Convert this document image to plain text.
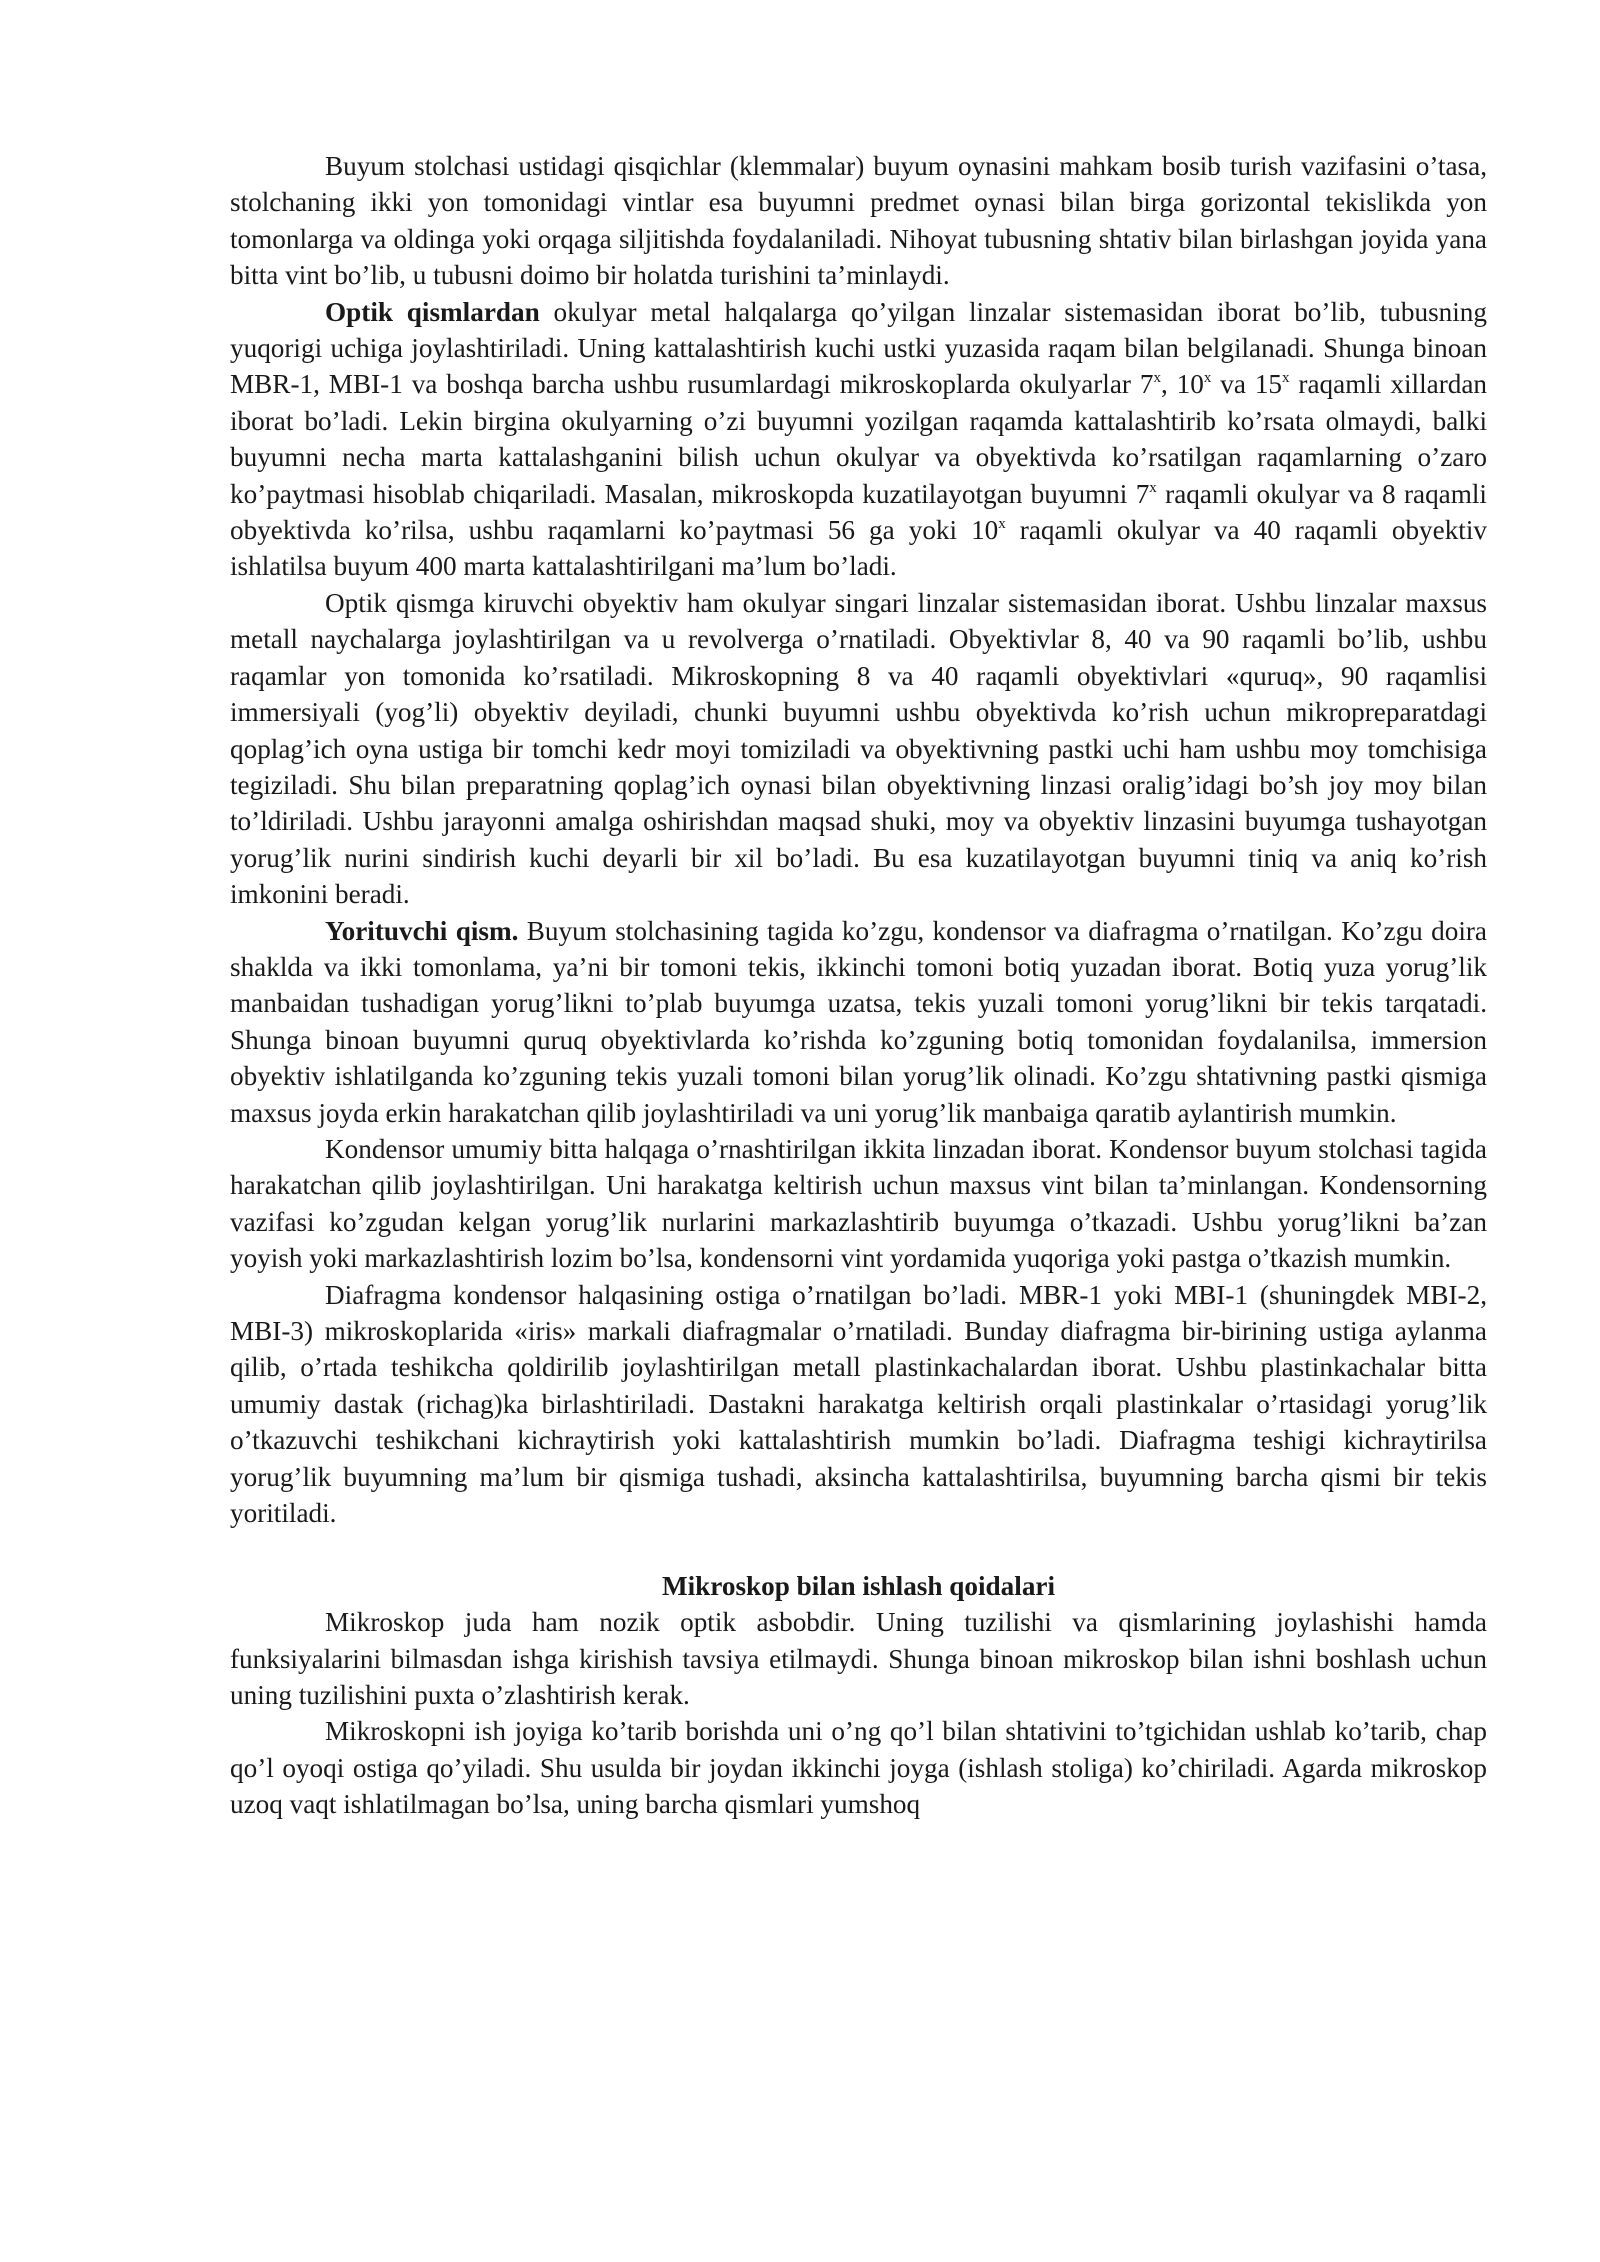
Buyum stolchasi ustidagi qisqichlar (klemmalar) buyum oynasini mahkam bosib turish vazifasini o’tasa, stolchaning ikki yon tomonidagi vintlar esa buyumni predmet oynasi bilan birga gorizontal tekislikda yon tomonlarga va oldinga yoki orqaga siljitishda foydalaniladi. Nihoyat tubusning shtativ bilan birlashgan joyida yana bitta vint bo’lib, u tubusni doimo bir holatda turishini ta’minlaydi.

Optik qismlardan okulyar metal halqalarga qo’yilgan linzalar sistemasidan iborat bo’lib, tubusning yuqorigi uchiga joylashtiriladi. Uning kattalashtirish kuchi ustki yuzasida raqam bilan belgilanadi. Shunga binoan MBR-1, MBI-1 va boshqa barcha ushbu rusumlardagi mikroskoplarda okulyarlar 7$^x$, 10$^x$ va 15$^x$ raqamli xillardan iborat bo’ladi. Lekin birgina okulyarning o’zi buyumni yozilgan raqamda kattalashtirib ko’rsata olmaydi, balki buyumni necha marta kattalashganini bilish uchun okulyar va obyektivda ko’rsatilgan raqamlarning o’zaro ko’paytmasi hisoblab chiqariladi. Masalan, mikroskopda kuzatilayotgan buyumni 7$^x$ raqamli okulyar va 8 raqamli obyektivda ko’rilsa, ushbu raqamlarni ko’paytmasi 56 ga yoki 10$^x$ raqamli okulyar va 40 raqamli obyektiv ishlatilsa buyum 400 marta kattalashtirilgani ma’lum bo’ladi.

Optik qismga kiruvchi obyektiv ham okulyar singari linzalar sistemasidan iborat. Ushbu linzalar maxsus metall naychalarga joylashtirilgan va u revolverga o’rnatiladi. Obyektivlar 8, 40 va 90 raqamli bo’lib, ushbu raqamlar yon tomonida ko’rsatiladi. Mikroskopning 8 va 40 raqamli obyektivlari «quruq», 90 raqamlisi immersiyali (yog’li) obyektiv deyiladi, chunki buyumni ushbu obyektivda ko’rish uchun mikroprераratdagi qoplag’ich oyna ustiga bir tomchi kedr moyi tomiziladi va obyektivning pastki uchi ham ushbu moy tomchisiga tegiziladi. Shu bilan preparatning qoplag’ich oynasi bilan obyektivning linzasi oralig’idagi bo’sh joy moy bilan to’ldiriladi. Ushbu jarayonni amalga oshirishdan maqsad shuki, moy va obyektiv linzasini buyumga tushayotgan yorug’lik nurini sindirish kuchi deyarli bir xil bo’ladi. Bu esa kuzatilayotgan buyumni tiniq va aniq ko’rish imkonini beradi.

Yorituvchi qism. Buyum stolchasining tagida ko’zgu, kondensor va diafragma o’rnatilgan. Ko’zgu doira shaklda va ikki tomonlama, ya’ni bir tomoni tekis, ikkinchi tomoni botiq yuzadan iborat. Botiq yuza yorug’lik manbaidan tushadigan yorug’likni to’plab buyumga uzatsa, tekis yuzali tomoni yorug’likni bir tekis tarqatadi. Shunga binoan buyumni quruq obyektivlarda ko’rishda ko’zguning botiq tomonidan foydalanilsa, immersion obyektiv ishlatilganda ko’zguning tekis yuzali tomoni bilan yorug’lik olinadi. Ko’zgu shtativning pastki qismiga maxsus joyda erkin harakatchan qilib joylashtiriladi va uni yorug’lik manbaiga qaratib aylantirish mumkin.

Kondensor umumiy bitta halqaga o’rnashtirilgan ikkita linzadan iborat. Kondensor buyum stolchasi tagida harakatchan qilib joylashtirilgan. Uni harakatga keltirish uchun maxsus vint bilan ta’minlangan. Kondensorning vazifasi ko’zgudan kelgan yorug’lik nurlarini markazlashtirib buyumga o’tkazadi. Ushbu yorug’likni ba’zan yoyish yoki markazlashtirish lozim bo’lsa, kondensorni vint yordamida yuqoriga yoki pastga o’tkazish mumkin.

Diafragma kondensor halqasining ostiga o’rnatilgan bo’ladi. MBR-1 yoki MBI-1 (shuningdek MBI-2, MBI-3) mikroskoplarida «iris» markali diafragmalar o’rnatiladi. Bunday diafragma bir-birining ustiga aylanma qilib, o’rtada teshikcha qoldirilib joylashtirilgan metall plastinkachalardan iborat. Ushbu plastinkachalar bitta umumiy dastak (richag)ka birlashtiriladi. Dastakni harakatga keltirish orqali plastinkalar o’rtasidagi yorug’lik o’tkazuvchi teshikchani kichraytirish yoki kattalashtirish mumkin bo’ladi. Diafragma teshigi kichraytirilsa yorug’lik buyumning ma’lum bir qismiga tushadi, aksincha kattalashtirilsa, buyumning barcha qismi bir tekis yoritiladi.

Mikroskop bilan ishlash qoidalari

Mikroskop juda ham nozik optik asbobdir. Uning tuzilishi va qismlarining joylashishi hamda funksiyalarini bilmasdan ishga kirishish tavsiya etilmaydi. Shunga binoan mikroskop bilan ishni boshlash uchun uning tuzilishini puxta o’zlashtirish kerak.

Mikroskopni ish joyiga ko’tarib borishda uni o’ng qo’l bilan shtativini to’tgichidan ushlab ko’tarib, chap qo’l oyoqi ostiga qo’yiladi. Shu usulda bir joydan ikkinchi joyga (ishlash stoliga) ko’chiriladi. Agarda mikroskop uzoq vaqt ishlatilmagan bo’lsa, uning barcha qismlari yumshoq
